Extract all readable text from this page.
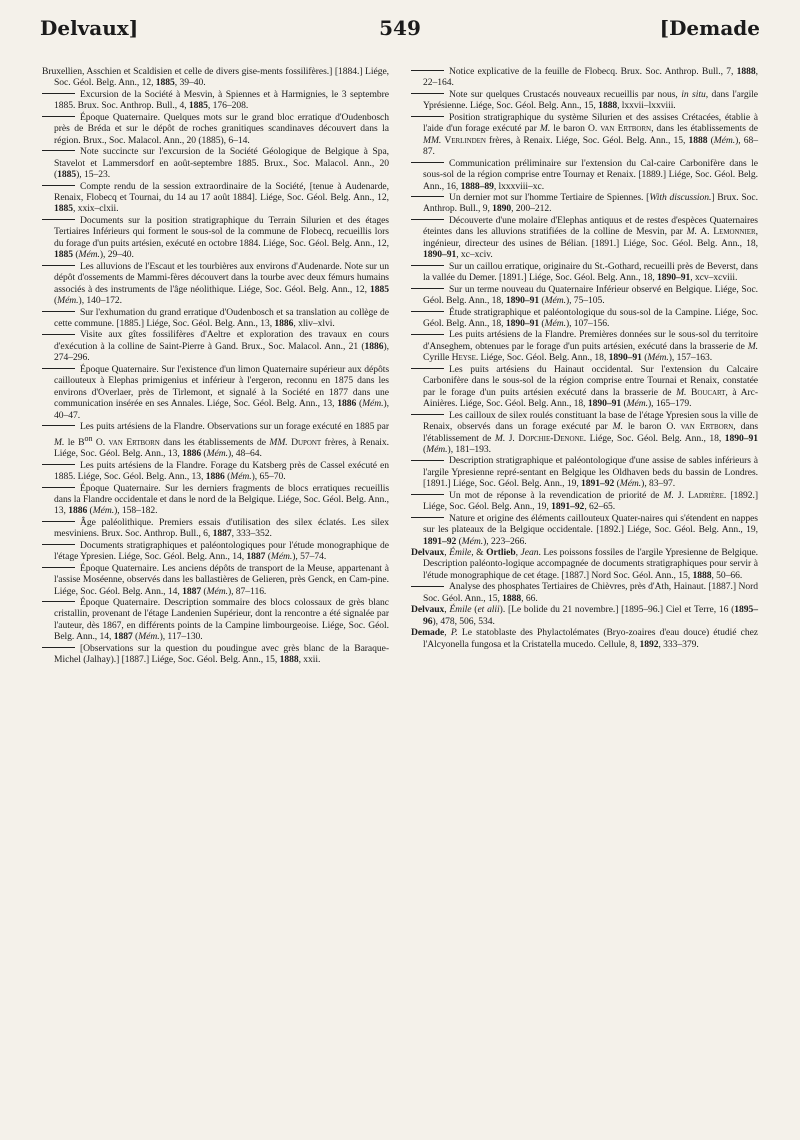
Delvaux]	549	[Demade

Bruxellien, Asschien et Scaldisien et celle de divers gise-ments fossilifères.] [1884.] Liége, Soc. Géol. Belg. Ann., 12, 1885, 39–40.

Excursion de la Société à Mesvin, à Spiennes et à Harmignies, le 3 septembre 1885. Brux. Soc. Anthrop. Bull., 4, 1885, 176–208.

Époque Quaternaire. Quelques mots sur le grand bloc erratique d'Oudenbosch près de Bréda et sur le dépôt de roches granitiques scandinaves découvert dans la région. Brux., Soc. Malacol. Ann., 20 (1885), 6–14.

Note succincte sur l'excursion de la Société Géologique de Belgique à Spa, Stavelot et Lammersdorf en août-septembre 1885. Brux., Soc. Malacol. Ann., 20 (1885), 15–23.

Compte rendu de la session extraordinaire de la Société, [tenue à Audenarde, Renaix, Flobecq et Tournai, du 14 au 17 août 1884]. Liége, Soc. Géol. Belg. Ann., 12, 1885, xxix–clxii.

Documents sur la position stratigraphique du Terrain Silurien et des étages Tertiaires Inférieurs qui forment le sous-sol de la commune de Flobecq, recueillis lors du forage d'un puits artésien, exécuté en octobre 1884. Liége, Soc. Géol. Belg. Ann., 12, 1885 (Mém.), 29–40.

Les alluvions de l'Escaut et les tourbières aux environs d'Audenarde. Note sur un dépôt d'ossements de Mammi-fères découvert dans la tourbe avec deux fémurs humains associés à des instruments de l'âge néolithique. Liége, Soc. Géol. Belg. Ann., 12, 1885 (Mém.), 140–172.

Sur l'exhumation du grand erratique d'Oudenbosch et sa translation au collège de cette commune. [1885.] Liége, Soc. Géol. Belg. Ann., 13, 1886, xliv–xlvi.

Visite aux gîtes fossilifères d'Aeltre et exploration des travaux en cours d'exécution à la colline de Saint-Pierre à Gand. Brux., Soc. Malacol. Ann., 21 (1886), 274–296.

Époque Quaternaire. Sur l'existence d'un limon Quaternaire supérieur aux dépôts caillouteux à Elephas primigenius et inférieur à l'ergeron, reconnu en 1875 dans les environs d'Overlaer, près de Tirlemont, et signalé à la Société en 1877 dans une communication insérée en ses Annales. Liége, Soc. Géol. Belg. Ann., 13, 1886 (Mém.), 40–47.

Les puits artésiens de la Flandre. Observations sur un forage exécuté en 1885 par M. le $B^{on}$ O. van Ertborn dans les établissements de MM. Dupont frères, à Renaix. Liége, Soc. Géol. Belg. Ann., 13, 1886 (Mém.), 48–64.

Les puits artésiens de la Flandre. Forage du Katsberg près de Cassel exécuté en 1885. Liége, Soc. Géol. Belg. Ann., 13, 1886 (Mém.), 65–70.

Époque Quaternaire. Sur les derniers fragments de blocs erratiques recueillis dans la Flandre occidentale et dans le nord de la Belgique. Liége, Soc. Géol. Belg. Ann., 13, 1886 (Mém.), 158–182.

Âge paléolithique. Premiers essais d'utilisation des silex éclatés. Les silex mesviniens. Brux. Soc. Anthrop. Bull., 6, 1887, 333–352.

Documents stratigraphiques et paléontologiques pour l'étude monographique de l'étage Ypresien. Liége, Soc. Géol. Belg. Ann., 14, 1887 (Mém.), 57–74.

Époque Quaternaire. Les anciens dépôts de transport de la Meuse, appartenant à l'assise Moséenne, observés dans les ballastières de Gelieren, près Genck, en Cam-pine. Liége, Soc. Géol. Belg. Ann., 14, 1887 (Mém.), 87–116.

Époque Quaternaire. Description sommaire des blocs colossaux de grès blanc cristallin, provenant de l'étage Landenien Supérieur, dont la rencontre a été signalée par l'auteur, dès 1867, en différents points de la Campine limbourgeoise. Liége, Soc. Géol. Belg. Ann., 14, 1887 (Mém.), 117–130.

[Observations sur la question du poudingue avec grès blanc de la Baraque-Michel (Jalhay).] [1887.] Liége, Soc. Géol. Belg. Ann., 15, 1888, xxii.

Notice explicative de la feuille de Flobecq. Brux. Soc. Anthrop. Bull., 7, 1888, 22–164.

Note sur quelques Crustacés nouveaux recueillis par nous, in situ, dans l'argile Yprésienne. Liége, Soc. Géol. Belg. Ann., 15, 1888, lxxvii–lxxviii.

Position stratigraphique du système Silurien et des assises Crétacées, établie à l'aide d'un forage exécuté par M. le baron O. van Ertborn, dans les établissements de MM. Verlinden frères, à Renaix. Liége, Soc. Géol. Belg. Ann., 15, 1888 (Mém.), 68–87.

Communication préliminaire sur l'extension du Cal-caire Carbonifère dans le sous-sol de la région comprise entre Tournay et Renaix. [1889.] Liége, Soc. Géol. Belg. Ann., 16, 1888–89, lxxxviii–xc.

Un dernier mot sur l'homme Tertiaire de Spiennes. [With discussion.] Brux. Soc. Anthrop. Bull., 9, 1890, 200–212.

Découverte d'une molaire d'Elephas antiquus et de restes d'espèces Quaternaires éteintes dans les alluvions stratifiées de la colline de Mesvin, par M. A. Lemonnier, ingénieur, directeur des usines de Bélian. [1891.] Liége, Soc. Géol. Belg. Ann., 18, 1890–91, xc–xciv.

Sur un caillou erratique, originaire du St.-Gothard, recueilli près de Beverst, dans la vallée du Demer. [1891.] Liége, Soc. Géol. Belg. Ann., 18, 1890–91, xcv–xcviii.

Sur un terme nouveau du Quaternaire Inférieur observé en Belgique. Liége, Soc. Géol. Belg. Ann., 18, 1890–91 (Mém.), 75–105.

Étude stratigraphique et paléontologique du sous-sol de la Campine. Liége, Soc. Géol. Belg. Ann., 18, 1890–91 (Mém.), 107–156.

Les puits artésiens de la Flandre. Premières données sur le sous-sol du territoire d'Anseghem, obtenues par le forage d'un puits artésien, exécuté dans la brasserie de M. Cyrille Heyse. Liége, Soc. Géol. Belg. Ann., 18, 1890–91 (Mém.), 157–163.

Les puits artésiens du Hainaut occidental. Sur l'extension du Calcaire Carbonifère dans le sous-sol de la région comprise entre Tournai et Renaix, constatée par le forage d'un puits artésien exécuté dans la brasserie de M. Boucart, à Arc-Ainières. Liége, Soc. Géol. Belg. Ann., 18, 1890–91 (Mém.), 165–179.

Les cailloux de silex roulés constituant la base de l'étage Ypresien sous la ville de Renaix, observés dans un forage exécuté par M. le baron O. van Ertborn, dans l'établissement de M. J. Dopchie-Denone. Liége, Soc. Géol. Belg. Ann., 18, 1890–91 (Mém.), 181–193.

Description stratigraphique et paléontologique d'une assise de sables inférieurs à l'argile Ypresienne repré-sentant en Belgique les Oldhaven beds du bassin de Londres. [1891.] Liége, Soc. Géol. Belg. Ann., 19, 1891–92 (Mém.), 83–97.

Un mot de réponse à la revendication de priorité de M. J. Ladrière. [1892.] Liége, Soc. Géol. Belg. Ann., 19, 1891–92, 62–65.

Nature et origine des éléments caillouteux Quater-naires qui s'étendent en nappes sur les plateaux de la Belgique occidentale. [1892.] Liége, Soc. Géol. Belg. Ann., 19, 1891–92 (Mém.), 223–266.

Delvaux, Émile, & Ortlieb, Jean. Les poissons fossiles de l'argile Ypresienne de Belgique. Description paléonto-logique accompagnée de documents stratigraphiques pour servir à l'étude monographique de cet étage. [1887.] Nord Soc. Géol. Ann., 15, 1888, 50–66.

Analyse des phosphates Tertiaires de Chièvres, près d'Ath, Hainaut. [1887.] Nord Soc. Géol. Ann., 15, 1888, 66.

Delvaux, Émile (et alii). [Le bolide du 21 novembre.] [1895–96.] Ciel et Terre, 16 (1895–96), 478, 506, 534.

Demade, P. Le statoblaste des Phylactolémates (Bryo-zoaires d'eau douce) étudié chez l'Alcyonella fungosa et la Cristatella mucedo. Cellule, 8, 1892, 333–379.
